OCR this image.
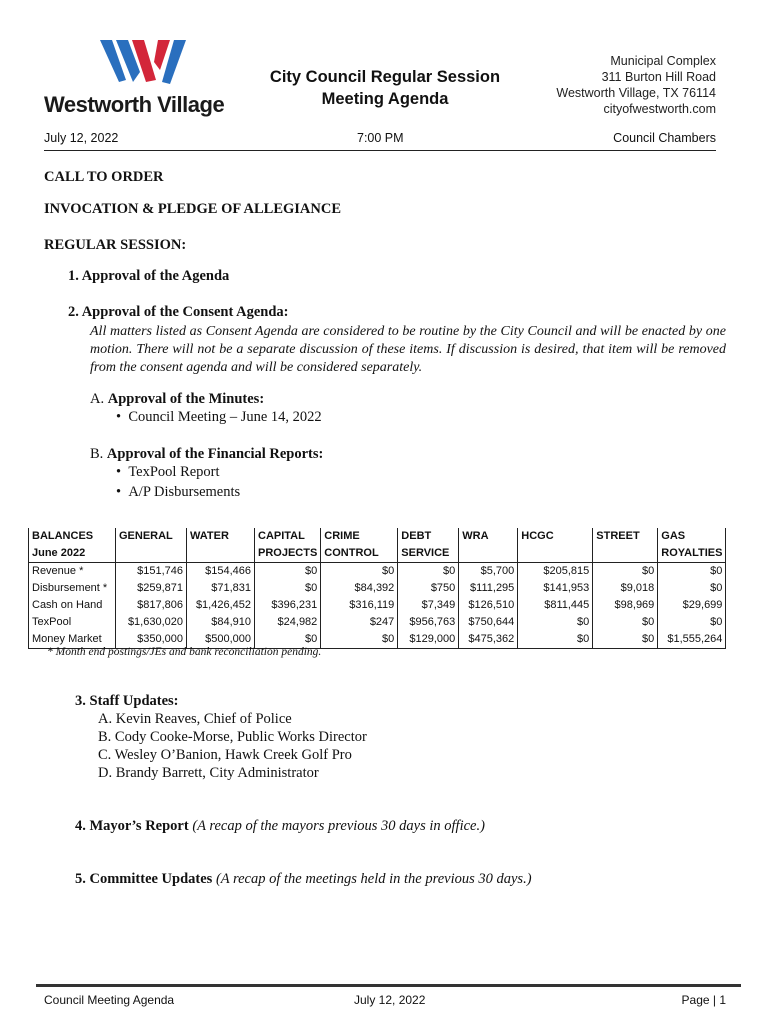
Westworth Village
City Council Regular Session
Meeting Agenda
Municipal Complex
311 Burton Hill Road
Westworth Village, TX 76114
cityofwestworth.com
July 12, 2022	7:00 PM	Council Chambers
CALL TO ORDER
INVOCATION & PLEDGE OF ALLEGIANCE
REGULAR SESSION:
1. Approval of the Agenda
2. Approval of the Consent Agenda:
All matters listed as Consent Agenda are considered to be routine by the City Council and will be enacted by one motion. There will not be a separate discussion of these items. If discussion is desired, that item will be removed from the consent agenda and will be considered separately.
A. Approval of the Minutes:
•  Council Meeting – June 14, 2022
B. Approval of the Financial Reports:
•  TexPool Report
•  A/P Disbursements
BALANCES	GENERAL	WATER	CAPITAL	CRIME	DEBT	WRA	HCGC	STREET	GAS
June 2022			PROJECTS	CONTROL	SERVICE				ROYALTIES
Revenue *	$151,746	$154,466	$0	$0	$0	$5,700	$205,815	$0	$0
Disbursement *	$259,871	$71,831	$0	$84,392	$750	$111,295	$141,953	$9,018	$0
Cash on Hand	$817,806	$1,426,452	$396,231	$316,119	$7,349	$126,510	$811,445	$98,969	$29,699
TexPool	$1,630,020	$84,910	$24,982	$247	$956,763	$750,644	$0	$0	$0
Money Market	$350,000	$500,000	$0	$0	$129,000	$475,362	$0	$0	$1,555,264
* Month end postings/JEs and bank reconciliation pending.
3. Staff Updates:
A. Kevin Reaves, Chief of Police
B. Cody Cooke-Morse, Public Works Director
C. Wesley O’Banion, Hawk Creek Golf Pro
D. Brandy Barrett, City Administrator
4. Mayor’s Report (A recap of the mayors previous 30 days in office.)
5. Committee Updates (A recap of the meetings held in the previous 30 days.)
Council Meeting Agenda	July 12, 2022	Page | 1
